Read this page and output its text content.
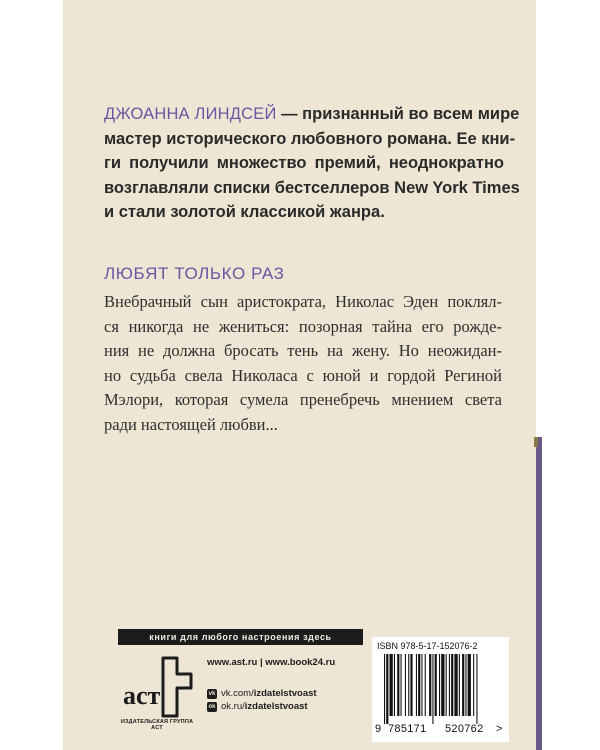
ДЖОАННА ЛИНДСЕЙ — признанный во всем мире
мастер исторического любовного романа. Ее кни-
ги получили множество премий, неоднократно
возглавляли списки бестселлеров New York Times
и стали золотой классикой жанра.
ЛЮБЯТ ТОЛЬКО РАЗ
Внебрачный сын аристократа, Николас Эден поклял-
ся никогда не жениться: позорная тайна его рожде-
ния не должна бросать тень на жену. Но неожидан-
но судьба свела Николаса с юной и гордой Региной
Мэлори, которая сумела пренебречь мнением света
ради настоящей любви...
книги для любого настроения здесь
аст
ИЗДАТЕЛЬСКАЯ ГРУППА АСТ
www.ast.ru | www.book24.ru
vk vk.com/izdatelstvoast
ok ok.ru/izdatelstvoast
ISBN 978-5-17-152076-2
9 785171 520762 >
